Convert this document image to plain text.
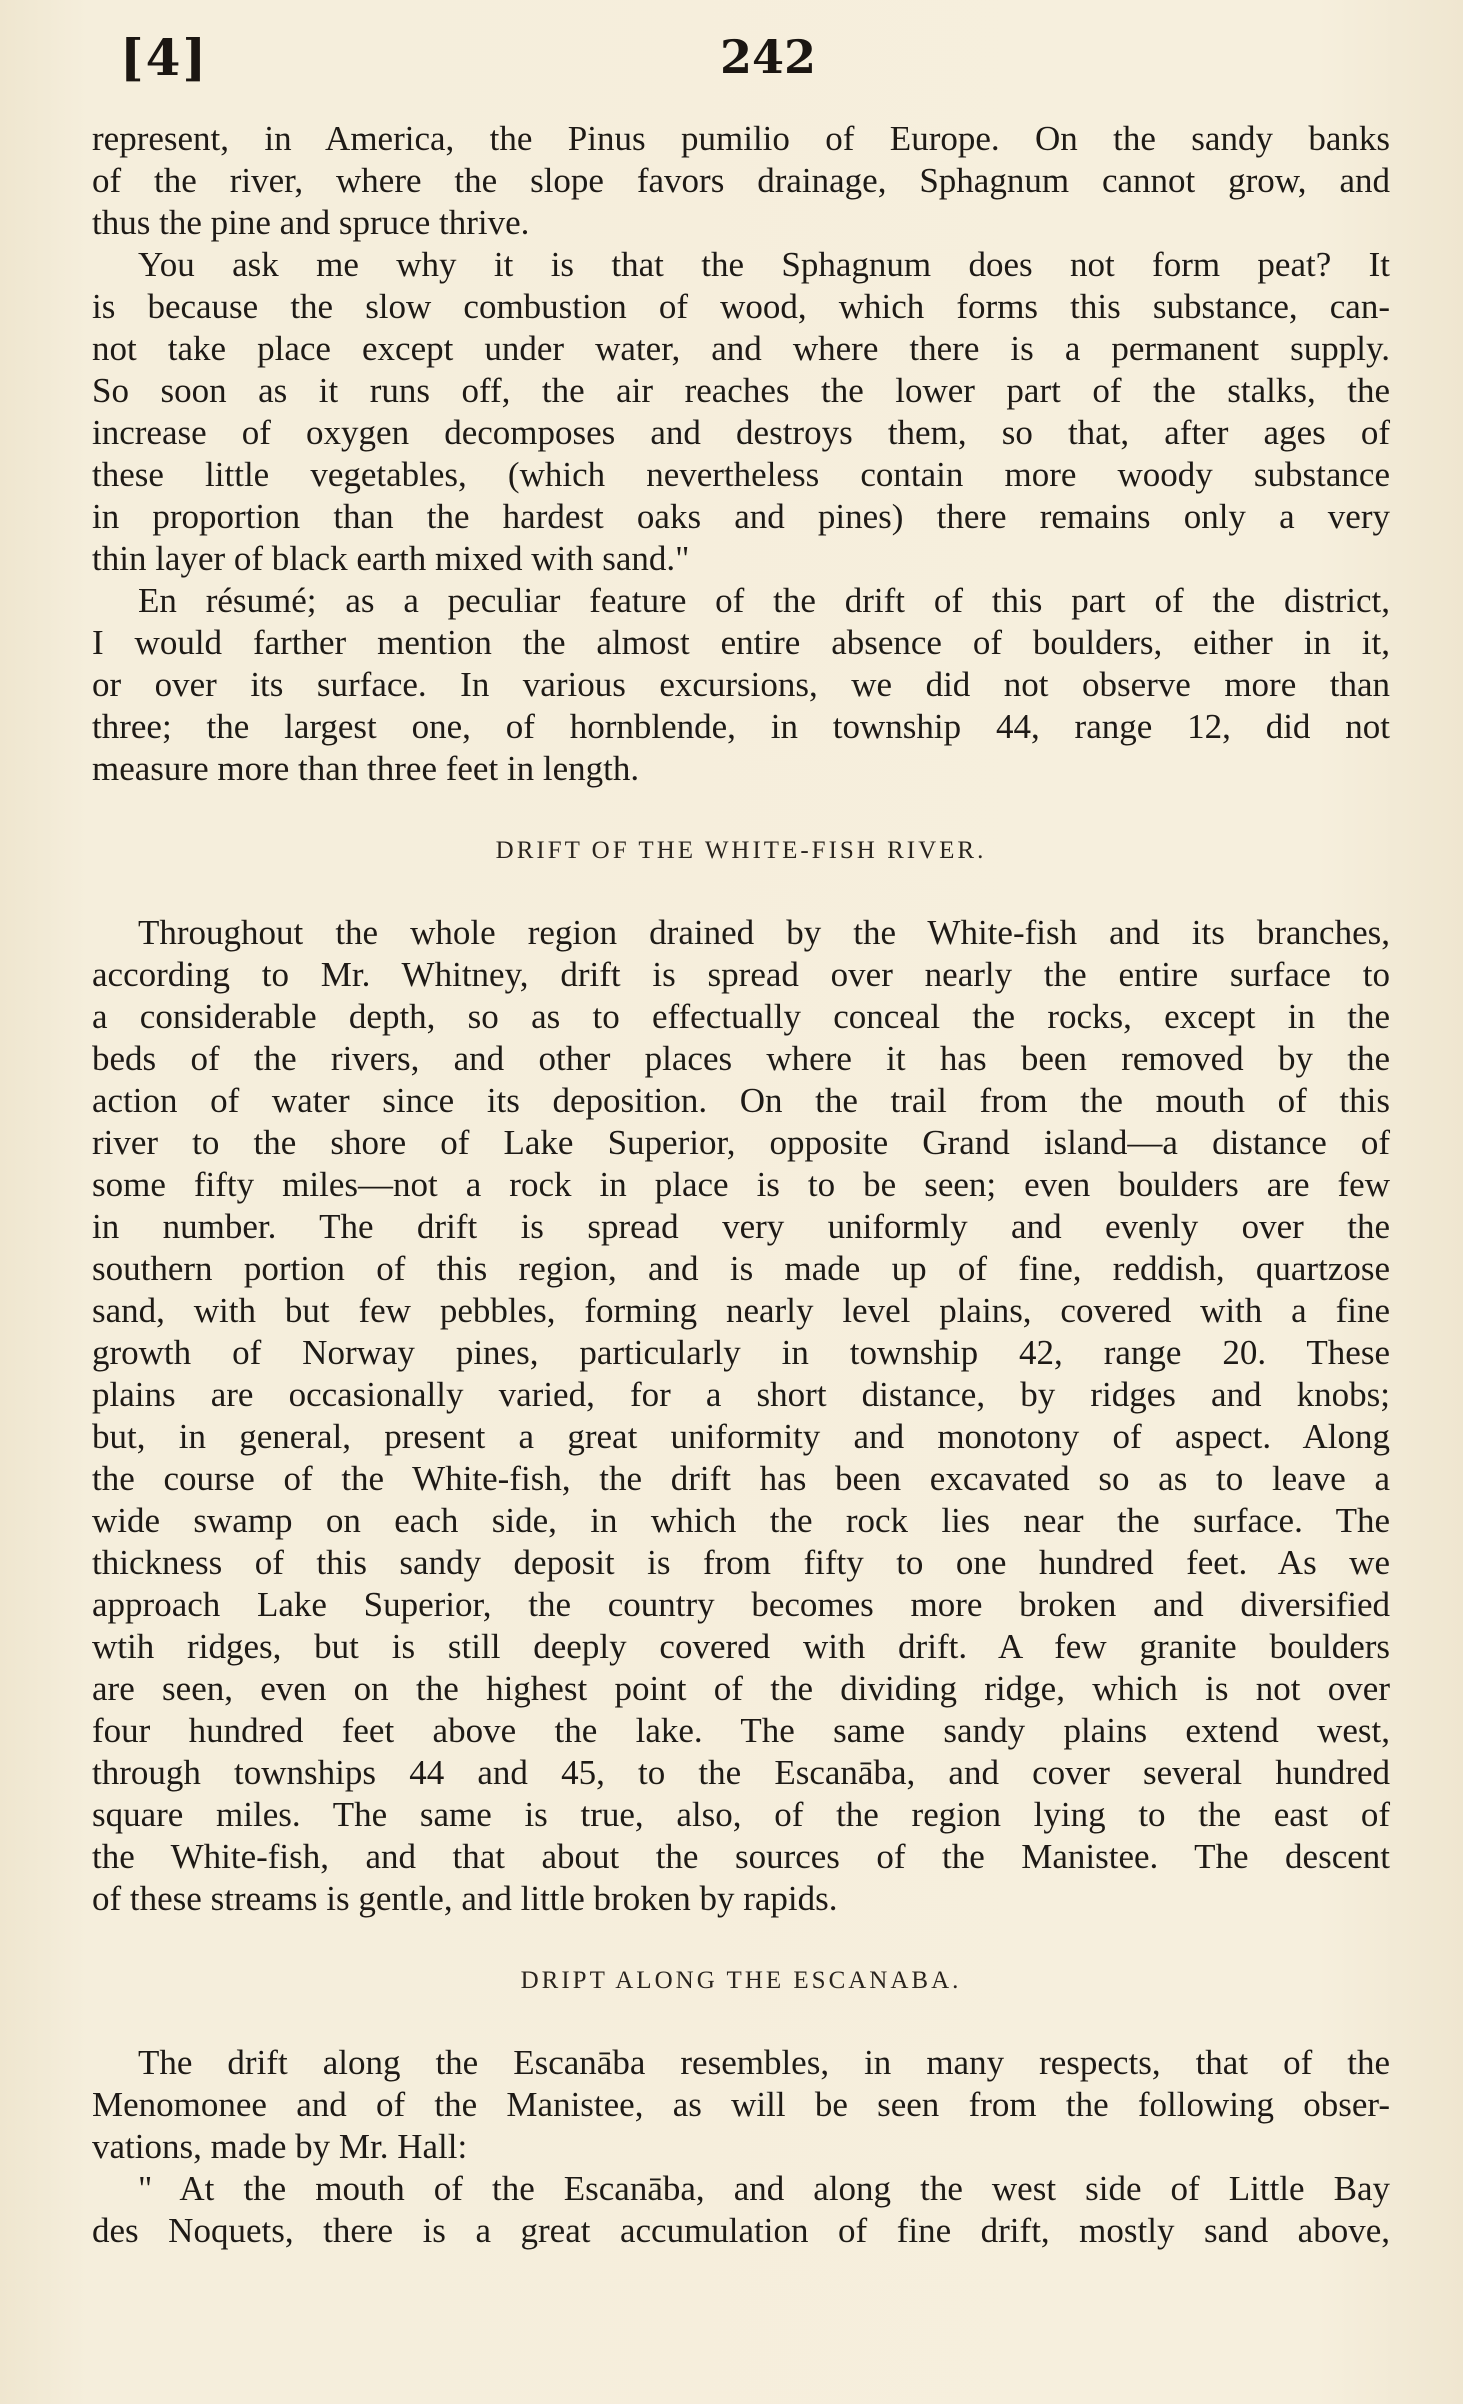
[4]	242
represent, in America, the Pinus pumilio of Europe. On the sandy banks
of the river, where the slope favors drainage, Sphagnum cannot grow, and
thus the pine and spruce thrive.
You ask me why it is that the Sphagnum does not form peat? It
is because the slow combustion of wood, which forms this substance, can-
not take place except under water, and where there is a permanent supply.
So soon as it runs off, the air reaches the lower part of the stalks, the
increase of oxygen decomposes and destroys them, so that, after ages of
these little vegetables, (which nevertheless contain more woody substance
in proportion than the hardest oaks and pines) there remains only a very
thin layer of black earth mixed with sand."
En résumé; as a peculiar feature of the drift of this part of the district,
I would farther mention the almost entire absence of boulders, either in it,
or over its surface. In various excursions, we did not observe more than
three; the largest one, of hornblende, in township 44, range 12, did not
measure more than three feet in length.
DRIFT OF THE WHITE-FISH RIVER.
Throughout the whole region drained by the White-fish and its branches,
according to Mr. Whitney, drift is spread over nearly the entire surface to
a considerable depth, so as to effectually conceal the rocks, except in the
beds of the rivers, and other places where it has been removed by the
action of water since its deposition. On the trail from the mouth of this
river to the shore of Lake Superior, opposite Grand island—a distance of
some fifty miles—not a rock in place is to be seen; even boulders are few
in number. The drift is spread very uniformly and evenly over the
southern portion of this region, and is made up of fine, reddish, quartzose
sand, with but few pebbles, forming nearly level plains, covered with a fine
growth of Norway pines, particularly in township 42, range 20. These
plains are occasionally varied, for a short distance, by ridges and knobs;
but, in general, present a great uniformity and monotony of aspect. Along
the course of the White-fish, the drift has been excavated so as to leave a
wide swamp on each side, in which the rock lies near the surface. The
thickness of this sandy deposit is from fifty to one hundred feet. As we
approach Lake Superior, the country becomes more broken and diversified
wtih ridges, but is still deeply covered with drift. A few granite boulders
are seen, even on the highest point of the dividing ridge, which is not over
four hundred feet above the lake. The same sandy plains extend west,
through townships 44 and 45, to the Escanāba, and cover several hundred
square miles. The same is true, also, of the region lying to the east of
the White-fish, and that about the sources of the Manistee. The descent
of these streams is gentle, and little broken by rapids.
DRIPT ALONG THE ESCANABA.
The drift along the Escanāba resembles, in many respects, that of the
Menomonee and of the Manistee, as will be seen from the following obser-
vations, made by Mr. Hall:
" At the mouth of the Escanāba, and along the west side of Little Bay
des Noquets, there is a great accumulation of fine drift, mostly sand above,
